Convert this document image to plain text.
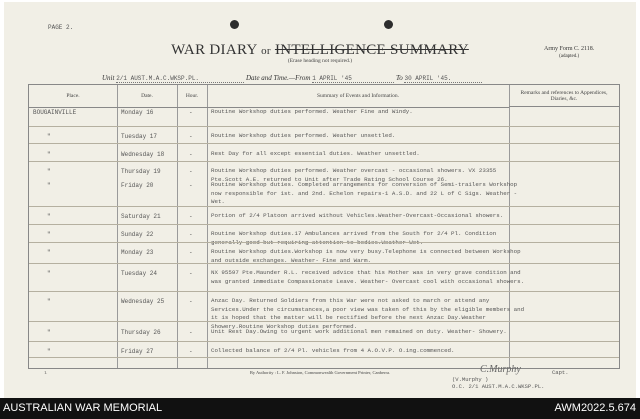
PAGE 2.
WAR DIARY or INTELLIGENCE SUMMARY
(Erase heading not required.)
Army Form C. 2118.
(adapted.)
Unit 2/1 AUST.M.A.C.WKSP.PL.	Date and Time.—From 1 APRIL '45	To 30 APRIL '45.
Place.	Date.	Hour.	Summary of Events and Information.
Remarks and references to Appendices, Diaries, &c.
BOUGAINVILLE	Monday 16	-	Routine Workshop duties performed. Weather Fine and Windy.
"	Tuesday 17	-	Routine Workshop duties performed. Weather unsettled.
"	Wednesday 18	-	Rest Day for all except essential duties. Weather unsettled.
"	Thursday 19	-	Routine Workshop duties performed. Weather overcast - occasional showers. VX 23355 Pte.Scott A.E. returned to Unit after Trade Rating School Course 26.
"	Friday 20	-	Routine Workshop duties. Completed arrangements for conversion of Semi-trailers Workshop now responsible for 1st. and 2nd. Echelon repairs-1 A.S.D. and 22 L of C Sigs. Weather -Wet.
"	Saturday 21	-	Portion of 2/4 Platoon arrived without Vehicles.Weather-Overcast-Occasional showers.
"	Sunday 22	-	Routine Workshop duties.17 Ambulances arrived from the South for 2/4 Pl. Condition generally good but requiring attention to bodies.Weather-Wet.
"	Monday 23	-	Routine Workshop duties.Workshop is now very busy.Telephone is connected between Workshop and outside exchanges. Weather- Fine and Warm.
"	Tuesday 24	-	NX 95597 Pte.Maunder R.L. received advice that his Mother was in very grave condition and was granted immediate Compassionate Leave. Weather- Overcast cool with occasional showers.
"	Wednesday 25	-	Anzac Day. Returned Soldiers from this War were not asked to march or attend any Services.Under the circumstances,a poor view was taken of this by the eligible members and it is hoped that the matter will be rectified before the next Anzac Day.Weather Showery.Routine Workshop duties performed.
"	Thursday 26	-	Unit Rest Day.Owing to urgent work additional men remained on duty. Weather- Showery.
"	Friday 27	-	Collected balance of 2/4 Pl. vehicles from 4 A.O.V.P. O.ing.commenced.
1.	By Authority : L. F. Johnston, Commonwealth Government Printer, Canberra.	C.Murphy	Capt.
(V.Murphy )
O.C. 2/1 AUST.M.A.C.WKSP.PL.
AUSTRALIAN WAR MEMORIAL	AWM2022.5.674
